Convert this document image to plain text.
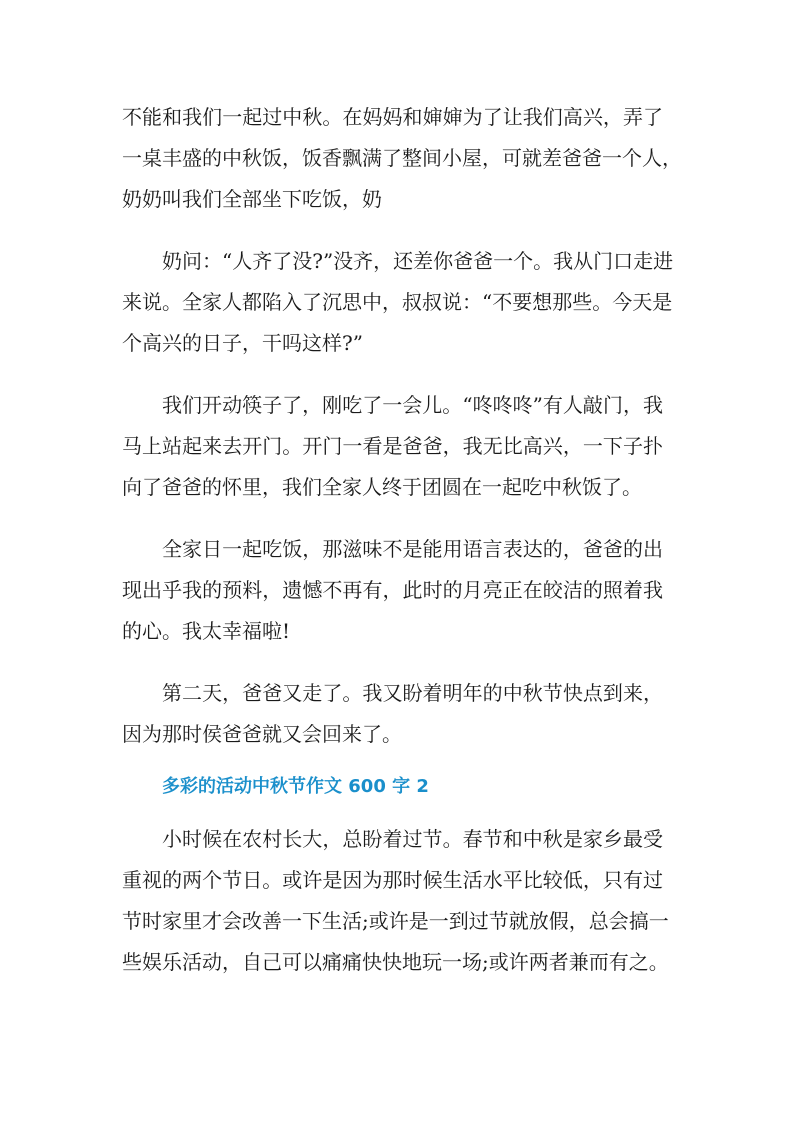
不能和我们一起过中秋。在妈妈和婶婶为了让我们高兴，弄了
一桌丰盛的中秋饭，饭香飘满了整间小屋，可就差爸爸一个人，
奶奶叫我们全部坐下吃饭，奶

奶问：“人齐了没?”没齐，还差你爸爸一个。我从门口走进
来说。全家人都陷入了沉思中，叔叔说：“不要想那些。今天是
个高兴的日子，干吗这样?”

我们开动筷子了，刚吃了一会儿。“咚咚咚”有人敲门，我
马上站起来去开门。开门一看是爸爸，我无比高兴，一下子扑
向了爸爸的怀里，我们全家人终于团圆在一起吃中秋饭了。

全家日一起吃饭，那滋味不是能用语言表达的，爸爸的出
现出乎我的预料，遗憾不再有，此时的月亮正在皎洁的照着我
的心。我太幸福啦!

第二天，爸爸又走了。我又盼着明年的中秋节快点到来，
因为那时侯爸爸就又会回来了。

多彩的活动中秋节作文 600 字 2

小时候在农村长大，总盼着过节。春节和中秋是家乡最受
重视的两个节日。或许是因为那时候生活水平比较低，只有过
节时家里才会改善一下生活;或许是一到过节就放假，总会搞一
些娱乐活动，自己可以痛痛快快地玩一场;或许两者兼而有之。
